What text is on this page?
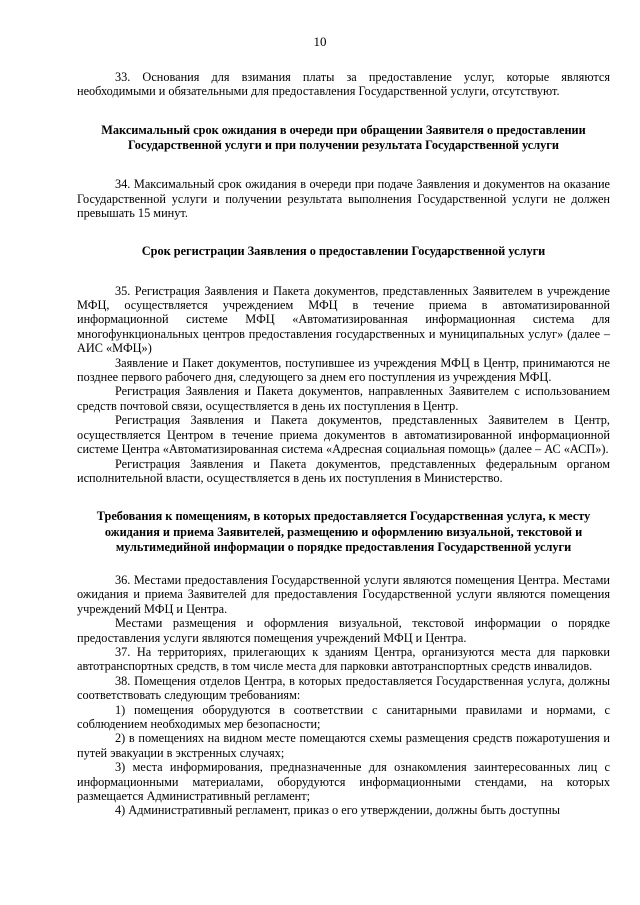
10

33. Основания для взимания платы за предоставление услуг, которые являются необходимыми и обязательными для предоставления Государственной услуги, отсутствуют.

Максимальный срок ожидания в очереди при обращении Заявителя о предоставлении Государственной услуги и при получении результата Государственной услуги

34. Максимальный срок ожидания в очереди при подаче Заявления и документов на оказание Государственной услуги и получении результата выполнения Государственной услуги не должен превышать 15 минут.

Срок регистрации Заявления о предоставлении Государственной услуги

35. Регистрация Заявления и Пакета документов, представленных Заявителем в учреждение МФЦ, осуществляется учреждением МФЦ в течение приема в автоматизированной информационной системе МФЦ «Автоматизированная информационная система для многофункциональных центров предоставления государственных и муниципальных услуг» (далее – АИС «МФЦ»)

Заявление и Пакет документов, поступившее из учреждения МФЦ в Центр, принимаются не позднее первого рабочего дня, следующего за днем его поступления из учреждения МФЦ.

Регистрация Заявления и Пакета документов, направленных Заявителем с использованием средств почтовой связи, осуществляется в день их поступления в Центр.

Регистрация Заявления и Пакета документов, представленных Заявителем в Центр, осуществляется Центром в течение приема документов в автоматизированной информационной системе Центра «Автоматизированная система «Адресная социальная помощь» (далее – АС «АСП»).

Регистрация Заявления и Пакета документов, представленных федеральным органом исполнительной власти, осуществляется в день их поступления в Министерство.

Требования к помещениям, в которых предоставляется Государственная услуга, к месту ожидания и приема Заявителей, размещению и оформлению визуальной, текстовой и мультимедийной информации о порядке предоставления Государственной услуги

36. Местами предоставления Государственной услуги являются помещения Центра. Местами ожидания и приема Заявителей для предоставления Государственной услуги являются помещения учреждений МФЦ и Центра.

Местами размещения и оформления визуальной, текстовой информации о порядке предоставления услуги являются помещения учреждений МФЦ и Центра.

37. На территориях, прилегающих к зданиям Центра, организуются места для парковки автотранспортных средств, в том числе места для парковки автотранспортных средств инвалидов.

38. Помещения отделов Центра, в которых предоставляется Государственная услуга, должны соответствовать следующим требованиям:

1) помещения оборудуются в соответствии с санитарными правилами и нормами, с соблюдением необходимых мер безопасности;

2) в помещениях на видном месте помещаются схемы размещения средств пожаротушения и путей эвакуации в экстренных случаях;

3) места информирования, предназначенные для ознакомления заинтересованных лиц с информационными материалами, оборудуются информационными стендами, на которых размещается Административный регламент;

4) Административный регламент, приказ о его утверждении, должны быть доступны
